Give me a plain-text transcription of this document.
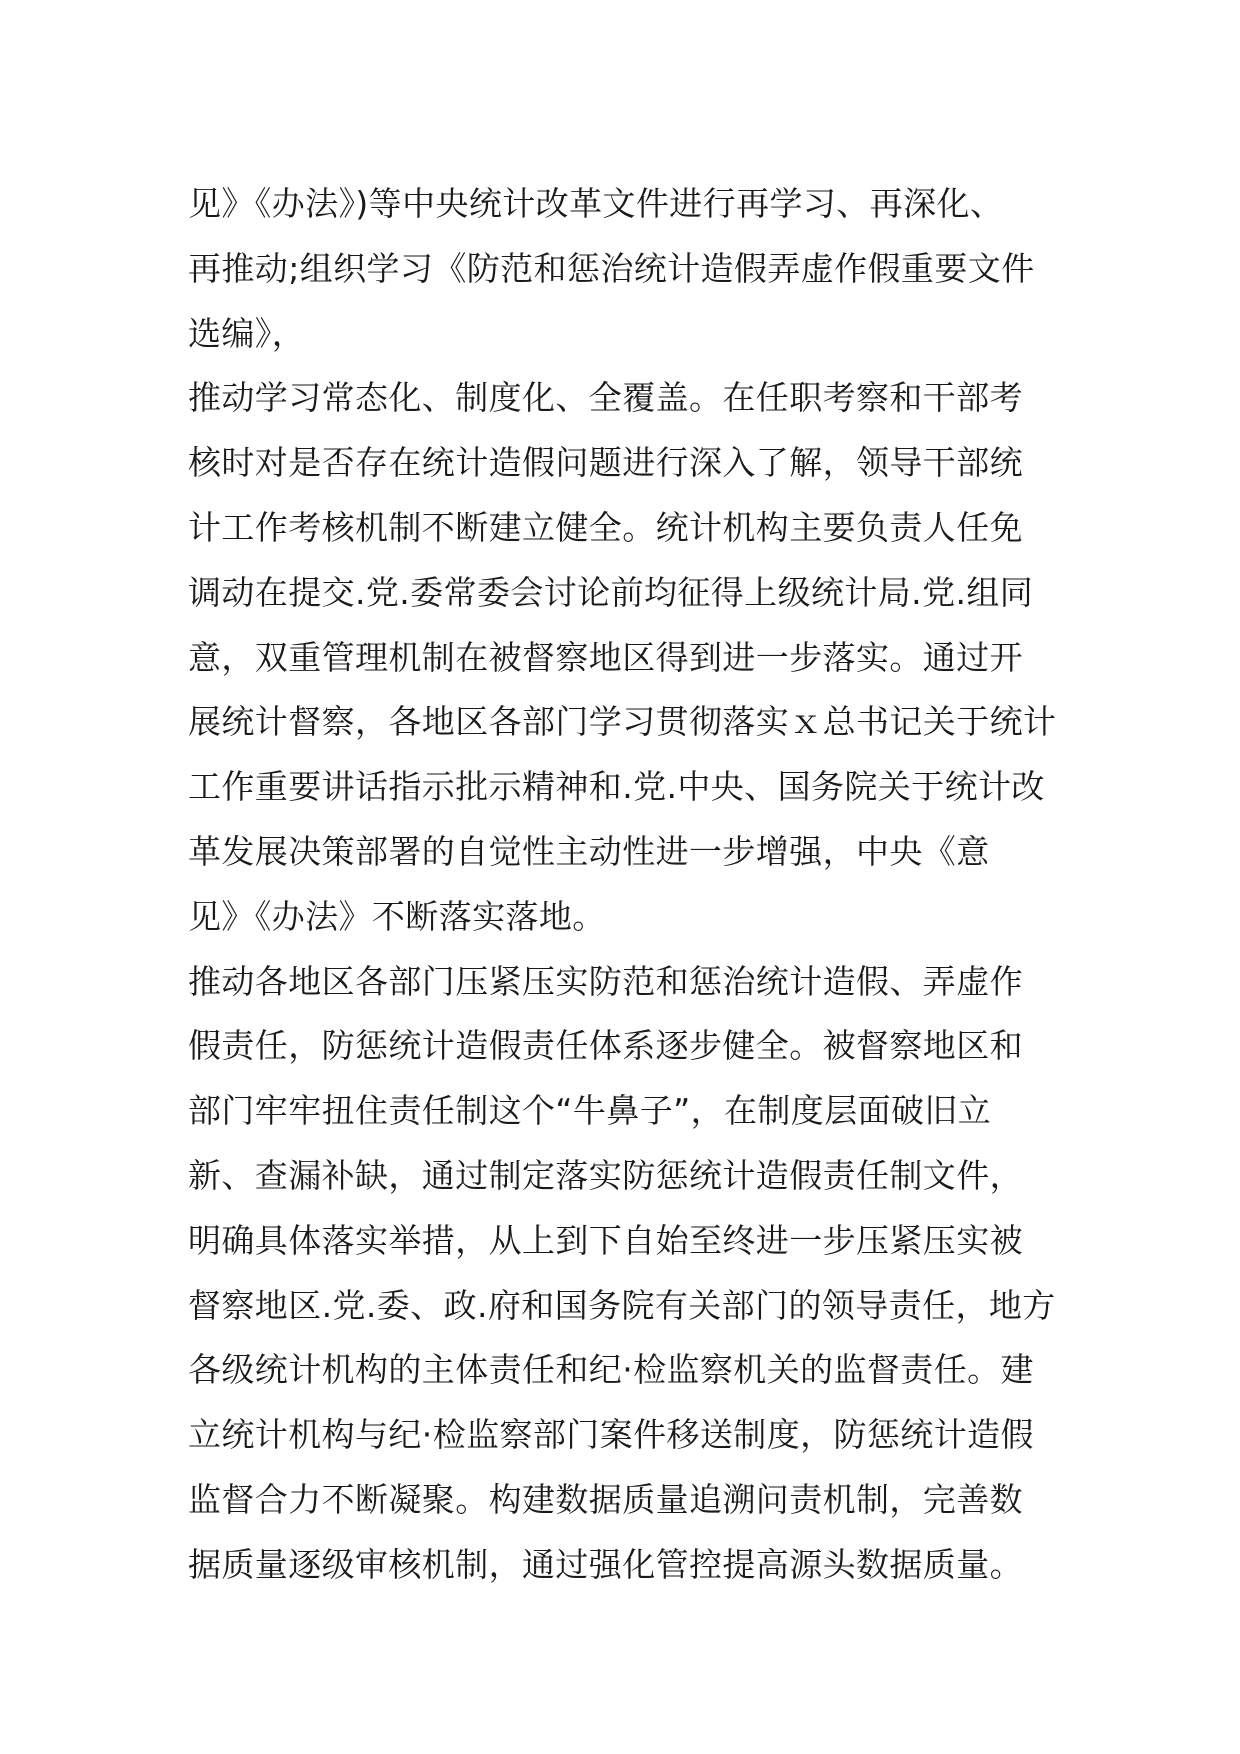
见》《办法》)等中央统计改革文件进行再学习、再深化、
再推动;组织学习《防范和惩治统计造假弄虚作假重要文件
选编》，
推动学习常态化、制度化、全覆盖。在任职考察和干部考
核时对是否存在统计造假问题进行深入了解，领导干部统
计工作考核机制不断建立健全。统计机构主要负责人任免
调动在提交.党.委常委会讨论前均征得上级统计局.党.组同
意，双重管理机制在被督察地区得到进一步落实。通过开
展统计督察，各地区各部门学习贯彻落实ｘ总书记关于统计
工作重要讲话指示批示精神和.党.中央、国务院关于统计改
革发展决策部署的自觉性主动性进一步增强，中央《意
见》《办法》不断落实落地。
推动各地区各部门压紧压实防范和惩治统计造假、弄虚作
假责任，防惩统计造假责任体系逐步健全。被督察地区和
部门牢牢扭住责任制这个“牛鼻子”，在制度层面破旧立
新、查漏补缺，通过制定落实防惩统计造假责任制文件，
明确具体落实举措，从上到下自始至终进一步压紧压实被
督察地区.党.委、政.府和国务院有关部门的领导责任，地方
各级统计机构的主体责任和纪·检监察机关的监督责任。建
立统计机构与纪·检监察部门案件移送制度，防惩统计造假
监督合力不断凝聚。构建数据质量追溯问责机制，完善数
据质量逐级审核机制，通过强化管控提高源头数据质量。
